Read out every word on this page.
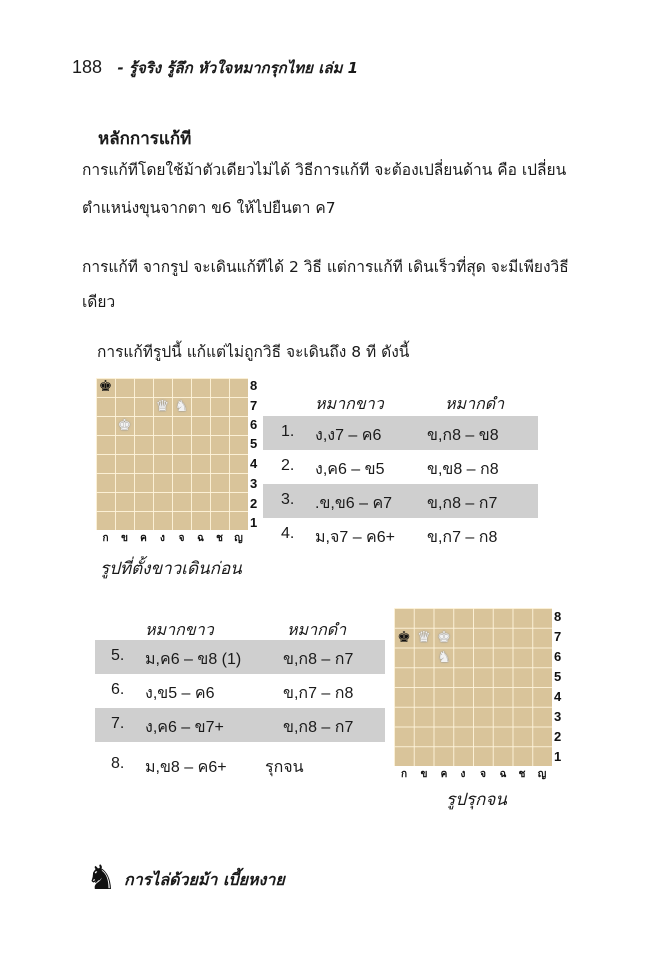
188 - รู้จริง รู้ลึก หัวใจหมากรุกไทย เล่ม 1
หลักการแก้ที
การแก้ทีโดยใช้ม้าตัวเดียวไม่ได้ วิธีการแก้ที จะต้องเปลี่ยนด้าน คือ เปลี่ยน
ตำแหน่งขุนจากตา ข6 ให้ไปยืนตา ค7
การแก้ที จากรูป จะเดินแก้ทีได้ 2 วิธี แต่การแก้ที เดินเร็วที่สุด จะมีเพียงวิธี
เดียว
การแก้ทีรูปนี้ แก้แต่ไม่ถูกวิธี จะเดินถึง 8 ที ดังนี้
8
7
6
5
4
3
2
1
ก	ข	ค	ง	จ	ฉ	ช	ญ
♚
♛ ♞
♚
รูปที่ตั้งขาวเดินก่อน
หมากขาว	หมากดำ
1. ง,ง7 – ค6	ข,ก8 – ข8
2. ง,ค6 – ข5	ข,ข8 – ก8
3. .ข,ข6 – ค7 ข,ก8 – ก7
4. ม,จ7 – ค6+ ข,ก7 – ก8
หมากขาว	หมากดำ
5. ม,ค6 – ข8 (1)	ข,ก8 – ก7
6. ง,ข5 – ค6	ข,ก7 – ก8
7. ง,ค6 – ข7+	ข,ก8 – ก7
8. ม,ข8 – ค6+ รุกจน
8
7
6
5
4
3
2
1
ก	ข	ค	ง	จ	ฉ	ช	ญ
♚ ♛ ♚
♞
รูปรุกจน
♞ การไล่ด้วยม้า เบี้ยหงาย
